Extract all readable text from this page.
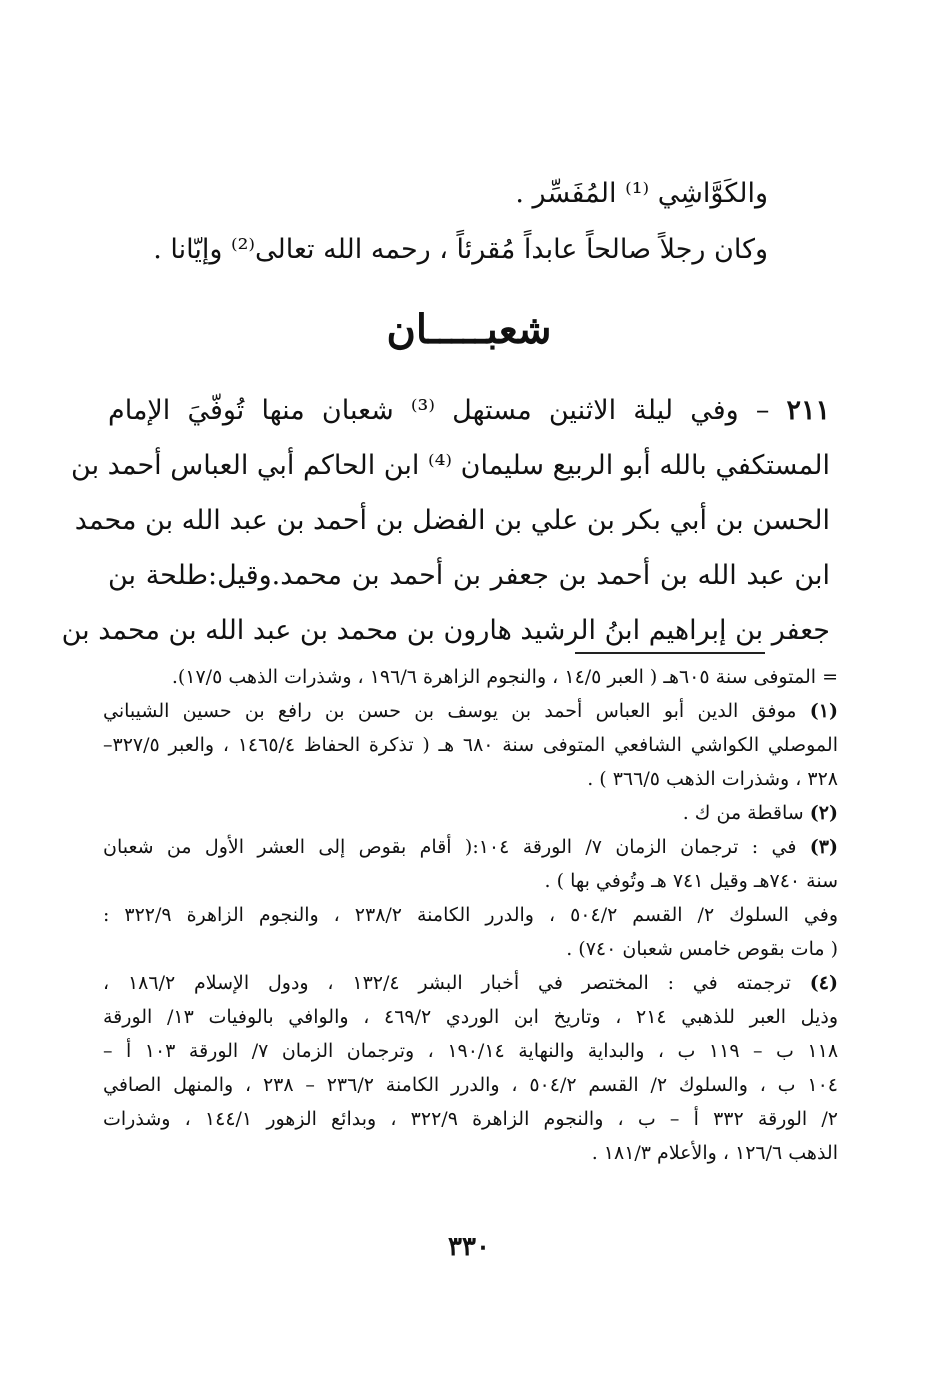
والكَوَّاشِي ⁽¹⁾ المُفَسِّر .
وكان رجلاً صالحاً عابداً مُقرئاً ، رحمه الله تعالى⁽²⁾ وإيّانا .
شعبـــــان
٢١١ – وفي ليلة الاثنين مستهل ⁽³⁾ شعبان منها تُوفّيَ الإمام
المستكفي بالله أبو الربيع سليمان ⁽⁴⁾ ابن الحاكم أبي العباس أحمد بن
الحسن بن أبي بكر بن علي بن الفضل بن أحمد بن عبد الله بن محمد
ابن عبد الله بن أحمد بن جعفر بن أحمد بن محمد.وقيل:طلحة بن
جعفر بن إبراهيم ابنُ الرشيد هارون بن محمد بن عبد الله بن محمد بن
= المتوفى سنة ٦٠٥هـ ( العبر ١٤/٥ ، والنجوم الزاهرة ١٩٦/٦ ، وشذرات الذهب ١٧/٥).
(١) موفق الدين أبو العباس أحمد بن يوسف بن حسن بن رافع بن حسين الشيباني
الموصلي الكواشي الشافعي المتوفى سنة ٦٨٠ هـ ( تذكرة الحفاظ ١٤٦٥/٤ ، والعبر ٣٢٧/٥–
٣٢٨ ، وشذرات الذهب ٣٦٦/٥ ) .
(٢) ساقطة من ك .
(٣) في : ترجمان الزمان ٧/ الورقة ١٠٤:( أقام بقوص إلى العشر الأول من شعبان
سنة ٧٤٠هـ وقيل ٧٤١ هـ وتُوفي بها ) .
وفي السلوك ٢/ القسم ٥٠٤/٢ ، والدرر الكامنة ٢٣٨/٢ ، والنجوم الزاهرة ٣٢٢/٩ :
( مات بقوص خامس شعبان ٧٤٠) .
(٤) ترجمته في : المختصر في أخبار البشر ١٣٢/٤ ، ودول الإسلام ١٨٦/٢ ،
وذيل العبر للذهبي ٢١٤ ، وتاريخ ابن الوردي ٤٦٩/٢ ، والوافي بالوفيات ١٣/ الورقة
١١٨ ب – ١١٩ ب ، والبداية والنهاية ١٩٠/١٤ ، وترجمان الزمان ٧/ الورقة ١٠٣ أ –
١٠٤ ب ، والسلوك ٢/ القسم ٥٠٤/٢ ، والدرر الكامنة ٢٣٦/٢ – ٢٣٨ ، والمنهل الصافي
٢/ الورقة ٣٣٢ أ – ب ، والنجوم الزاهرة ٣٢٢/٩ ، وبدائع الزهور ١٤٤/١ ، وشذرات
الذهب ١٢٦/٦ ، والأعلام ١٨١/٣ .
٣٣٠
